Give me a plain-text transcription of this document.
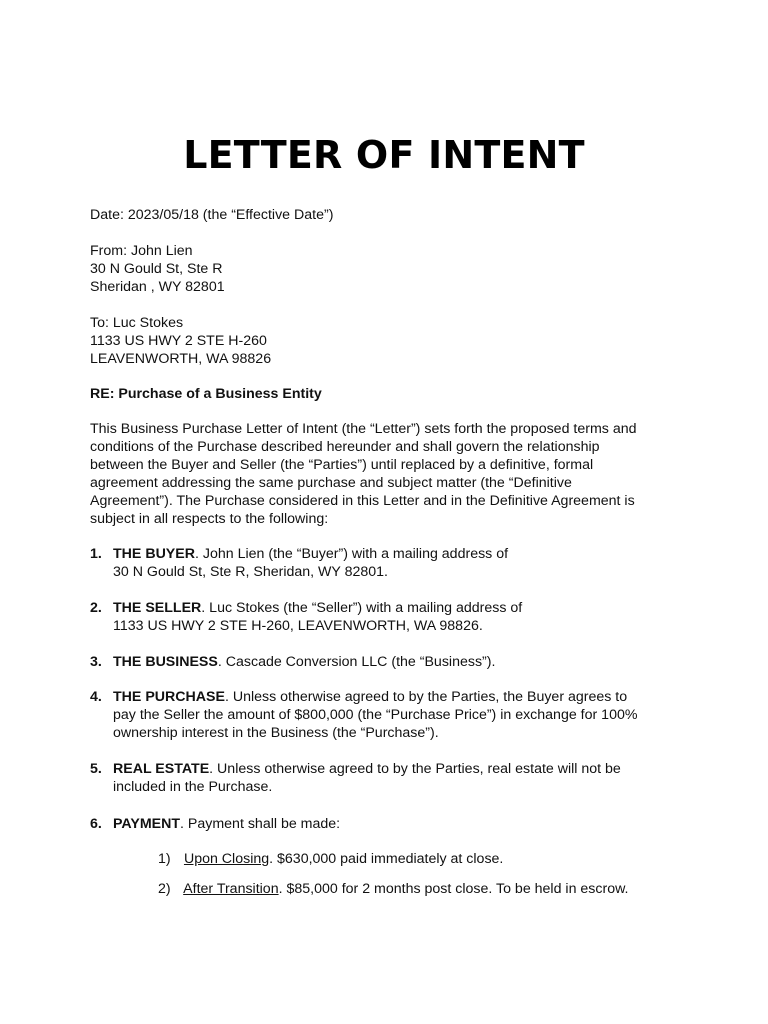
LETTER OF INTENT
Date: 2023/05/18 (the “Effective Date”)
From: John Lien
30 N Gould St, Ste R
Sheridan , WY 82801
To: Luc Stokes
1133 US HWY 2 STE H-260
LEAVENWORTH, WA 98826
RE: Purchase of a Business Entity
This Business Purchase Letter of Intent (the “Letter”) sets forth the proposed terms and
conditions of the Purchase described hereunder and shall govern the relationship
between the Buyer and Seller (the “Parties”) until replaced by a definitive, formal
agreement addressing the same purchase and subject matter (the “Definitive
Agreement”). The Purchase considered in this Letter and in the Definitive Agreement is
subject in all respects to the following:
1. THE BUYER. John Lien (the “Buyer”) with a mailing address of
30 N Gould St, Ste R, Sheridan, WY 82801.
2. THE SELLER. Luc Stokes (the “Seller”) with a mailing address of
1133 US HWY 2 STE H-260, LEAVENWORTH, WA 98826.
3. THE BUSINESS. Cascade Conversion LLC (the “Business”).
4. THE PURCHASE. Unless otherwise agreed to by the Parties, the Buyer agrees to
pay the Seller the amount of $800,000 (the “Purchase Price”) in exchange for 100%
ownership interest in the Business (the “Purchase”).
5. REAL ESTATE. Unless otherwise agreed to by the Parties, real estate will not be
included in the Purchase.
6. PAYMENT. Payment shall be made:
1) Upon Closing. $630,000 paid immediately at close.
2) After Transition. $85,000 for 2 months post close. To be held in escrow.
